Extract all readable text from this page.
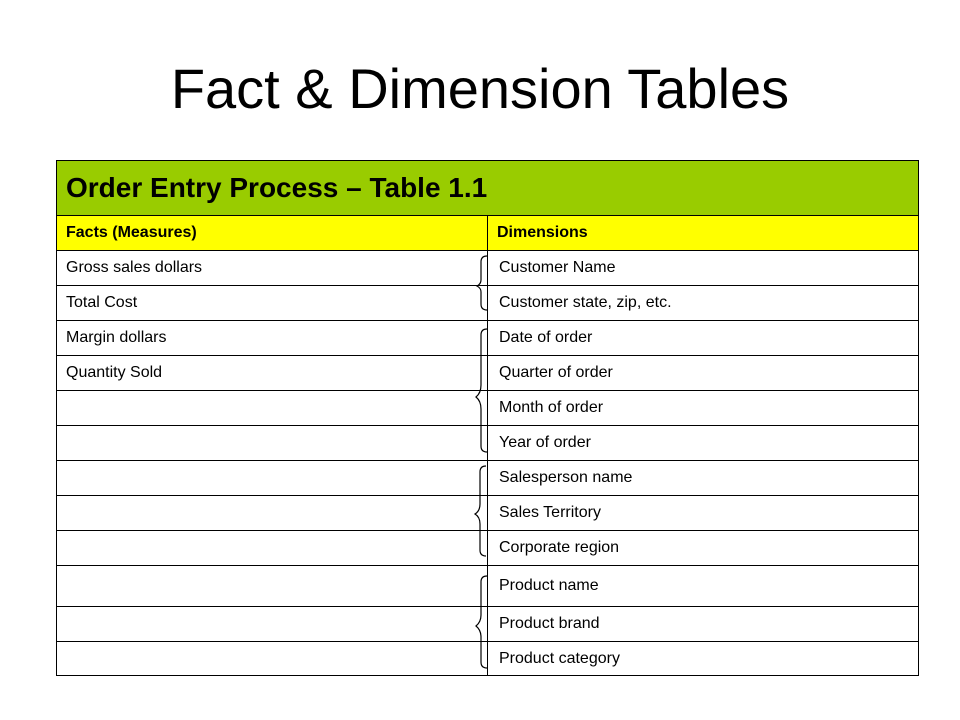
Fact & Dimension Tables
Order Entry Process – Table 1.1	
Facts (Measures)	Dimensions
Gross sales dollars	Customer Name
Total Cost	Customer state, zip, etc.
Margin dollars	Date of order
Quantity Sold	Quarter of order
	Month of order
	Year of order
	Salesperson name
	Sales Territory
	Corporate region
	Product name
	Product brand
	Product category
